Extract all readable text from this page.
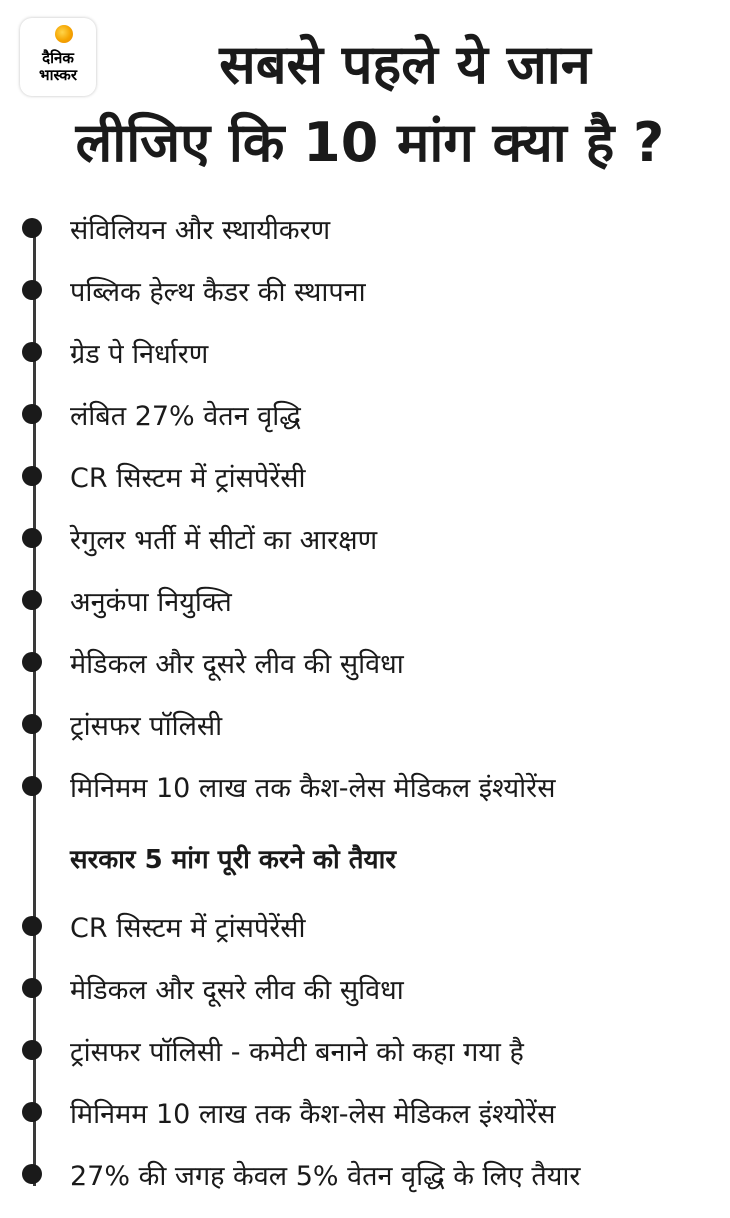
दैनिक
भास्कर	सबसे पहले ये जान
लीजिए कि 10 मांग क्या है ?
संविलियन और स्थायीकरण
पब्लिक हेल्थ कैडर की स्थापना
ग्रेड पे निर्धारण
लंबित 27% वेतन वृद्धि
CR सिस्टम में ट्रांसपेरेंसी
रेगुलर भर्ती में सीटों का आरक्षण
अनुकंपा नियुक्ति
मेडिकल और दूसरे लीव की सुविधा
ट्रांसफर पॉलिसी
मिनिमम 10 लाख तक कैश-लेस मेडिकल इंश्योरेंस
सरकार 5 मांग पूरी करने को तैयार
CR सिस्टम में ट्रांसपेरेंसी
मेडिकल और दूसरे लीव की सुविधा
ट्रांसफर पॉलिसी - कमेटी बनाने को कहा गया है
मिनिमम 10 लाख तक कैश-लेस मेडिकल इंश्योरेंस
27% की जगह केवल 5% वेतन वृद्धि के लिए तैयार
